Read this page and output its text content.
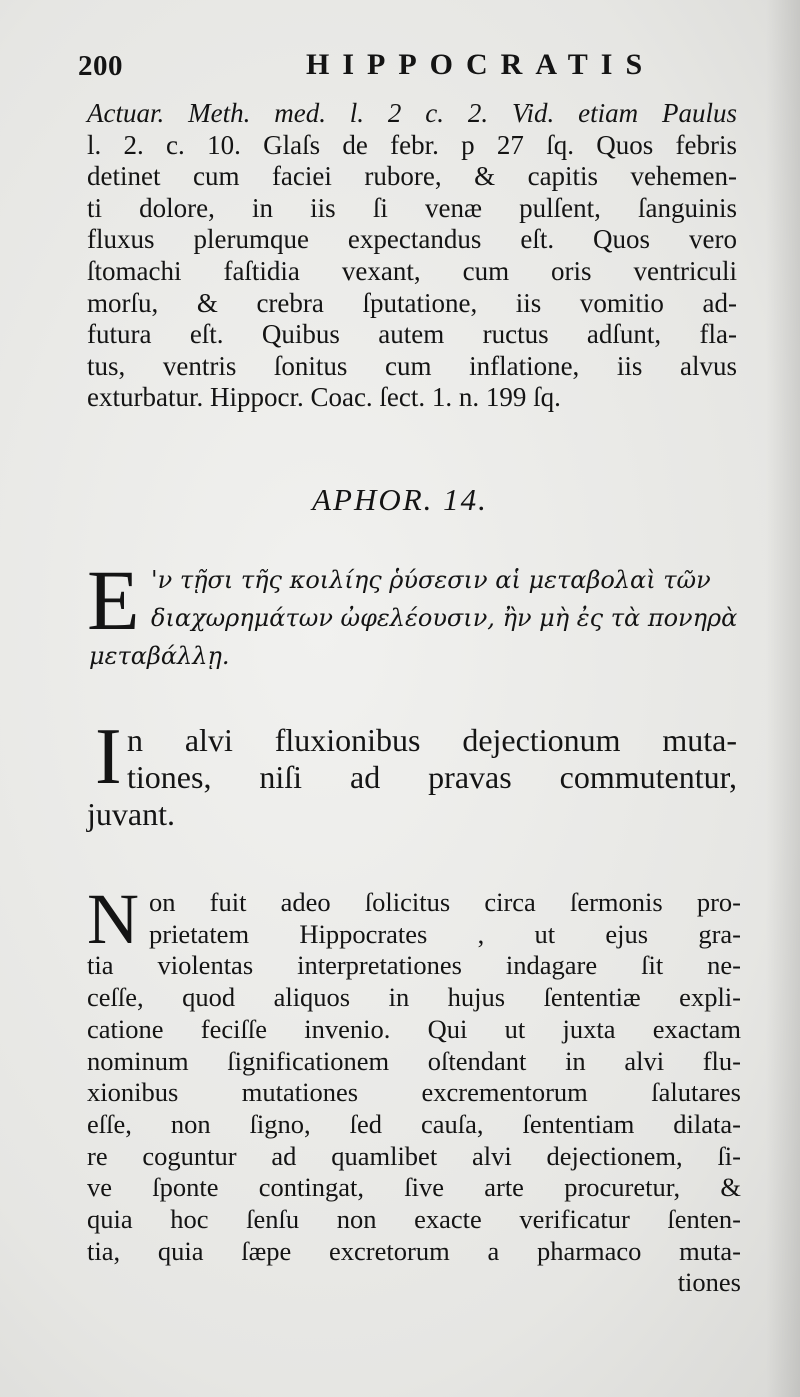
200	HIPPOCRATIS
Actuar. Meth. med. l. 2 c. 2. Vid. etiam Paulus
l. 2. c. 10. Glaſs de febr. p 27 ſq. Quos febris
detinet cum faciei rubore, & capitis vehemen-
ti dolore, in iis ſi venæ pulſent, ſanguinis
fluxus plerumque expectandus eſt. Quos vero
ſtomachi faſtidia vexant, cum oris ventriculi
morſu, & crebra ſputatione, iis vomitio ad-
futura eſt. Quibus autem ructus adſunt, fla-
tus, ventris ſonitus cum inflatione, iis alvus
exturbatur. Hippocr. Coac. ſect. 1. n. 199 ſq.
APHOR. 14.
E 'ν τῇσι τῆς κοιλίης ῥύσεσιν αἱ μεταβολαὶ τῶν
διαχωρημάτων ὠφελέουσιν, ἢν μὴ ἐς τὰ πονηρὰ
μεταβάλλῃ.
I n alvi fluxionibus dejectionum muta-
tiones, niſi ad pravas commutentur,
juvant.
N on fuit adeo ſolicitus circa ſermonis pro-
prietatem Hippocrates , ut ejus gra-
tia violentas interpretationes indagare ſit ne-
ceſſe, quod aliquos in hujus ſententiæ expli-
catione feciſſe invenio. Qui ut juxta exactam
nominum ſignificationem oſtendant in alvi flu-
xionibus mutationes excrementorum ſalutares
eſſe, non ſigno, ſed cauſa, ſententiam dilata-
re coguntur ad quamlibet alvi dejectionem, ſi-
ve ſponte contingat, ſive arte procuretur, &
quia hoc ſenſu non exacte verificatur ſenten-
tia, quia ſæpe excretorum a pharmaco muta-
tiones
